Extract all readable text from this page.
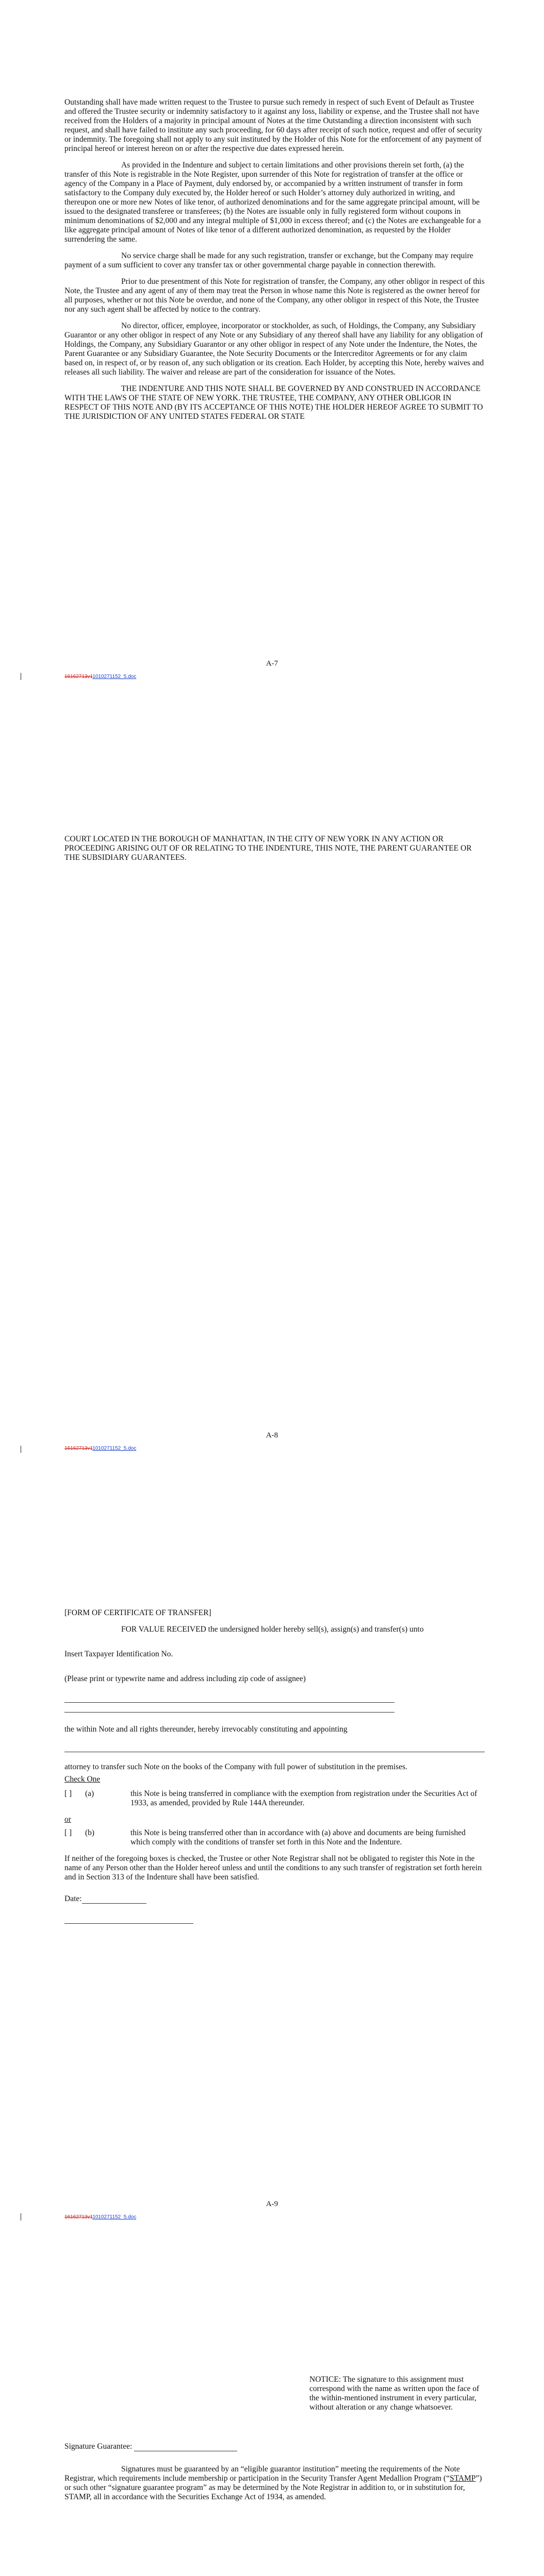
Outstanding shall have made written request to the Trustee to pursue such remedy in respect of such Event of Default as Trustee and offered the Trustee security or indemnity satisfactory to it against any loss, liability or expense, and the Trustee shall not have received from the Holders of a majority in principal amount of Notes at the time Outstanding a direction inconsistent with such request, and shall have failed to institute any such proceeding, for 60 days after receipt of such notice, request and offer of security or indemnity. The foregoing shall not apply to any suit instituted by the Holder of this Note for the enforcement of any payment of principal hereof or interest hereon on or after the respective due dates expressed herein.

As provided in the Indenture and subject to certain limitations and other provisions therein set forth, (a) the transfer of this Note is registrable in the Note Register, upon surrender of this Note for registration of transfer at the office or agency of the Company in a Place of Payment, duly endorsed by, or accompanied by a written instrument of transfer in form satisfactory to the Company duly executed by, the Holder hereof or such Holder’s attorney duly authorized in writing, and thereupon one or more new Notes of like tenor, of authorized denominations and for the same aggregate principal amount, will be issued to the designated transferee or transferees; (b) the Notes are issuable only in fully registered form without coupons in minimum denominations of $2,000 and any integral multiple of $1,000 in excess thereof; and (c) the Notes are exchangeable for a like aggregate principal amount of Notes of like tenor of a different authorized denomination, as requested by the Holder surrendering the same.

No service charge shall be made for any such registration, transfer or exchange, but the Company may require payment of a sum sufficient to cover any transfer tax or other governmental charge payable in connection therewith.

Prior to due presentment of this Note for registration of transfer, the Company, any other obligor in respect of this Note, the Trustee and any agent of any of them may treat the Person in whose name this Note is registered as the owner hereof for all purposes, whether or not this Note be overdue, and none of the Company, any other obligor in respect of this Note, the Trustee nor any such agent shall be affected by notice to the contrary.

No director, officer, employee, incorporator or stockholder, as such, of Holdings, the Company, any Subsidiary Guarantor or any other obligor in respect of any Note or any Subsidiary of any thereof shall have any liability for any obligation of Holdings, the Company, any Subsidiary Guarantor or any other obligor in respect of any Note under the Indenture, the Notes, the Parent Guarantee or any Subsidiary Guarantee, the Note Security Documents or the Intercreditor Agreements or for any claim based on, in respect of, or by reason of, any such obligation or its creation. Each Holder, by accepting this Note, hereby waives and releases all such liability. The waiver and release are part of the consideration for issuance of the Notes.

THE INDENTURE AND THIS NOTE SHALL BE GOVERNED BY AND CONSTRUED IN ACCORDANCE WITH THE LAWS OF THE STATE OF NEW YORK. THE TRUSTEE, THE COMPANY, ANY OTHER OBLIGOR IN RESPECT OF THIS NOTE AND (BY ITS ACCEPTANCE OF THIS NOTE) THE HOLDER HEREOF AGREE TO SUBMIT TO THE JURISDICTION OF ANY UNITED STATES FEDERAL OR STATE

A-7
16162713v11010271152_5.doc

COURT LOCATED IN THE BOROUGH OF MANHATTAN, IN THE CITY OF NEW YORK IN ANY ACTION OR PROCEEDING ARISING OUT OF OR RELATING TO THE INDENTURE, THIS NOTE, THE PARENT GUARANTEE OR THE SUBSIDIARY GUARANTEES.

A-8
16162713v11010271152_5.doc

[FORM OF CERTIFICATE OF TRANSFER]

FOR VALUE RECEIVED the undersigned holder hereby sell(s), assign(s) and transfer(s) unto

Insert Taxpayer Identification No.

(Please print or typewrite name and address including zip code of assignee)

the within Note and all rights thereunder, hereby irrevocably constituting and appointing

attorney to transfer such Note on the books of the Company with full power of substitution in the premises.

Check One

[ ]	(a)	this Note is being transferred in compliance with the exemption from registration under the Securities Act of 1933, as amended, provided by Rule 144A thereunder.

or

[ ]	(b)	this Note is being transferred other than in accordance with (a) above and documents are being furnished which comply with the conditions of transfer set forth in this Note and the Indenture.

If neither of the foregoing boxes is checked, the Trustee or other Note Registrar shall not be obligated to register this Note in the name of any Person other than the Holder hereof unless and until the conditions to any such transfer of registration set forth herein and in Section 313 of the Indenture shall have been satisfied.

Date:

A-9
16162713v11010271152_5.doc
NOTICE: The signature to this assignment must correspond with the name as written upon the face of the within-mentioned instrument in every particular, without alteration or any change whatsoever.

Signature Guarantee:

Signatures must be guaranteed by an “eligible guarantor institution” meeting the requirements of the Note Registrar, which requirements include membership or participation in the Security Transfer Agent Medallion Program (“STAMP”) or such other “signature guarantee program” as may be determined by the Note Registrar in addition to, or in substitution for, STAMP, all in accordance with the Securities Exchange Act of 1934, as amended.
